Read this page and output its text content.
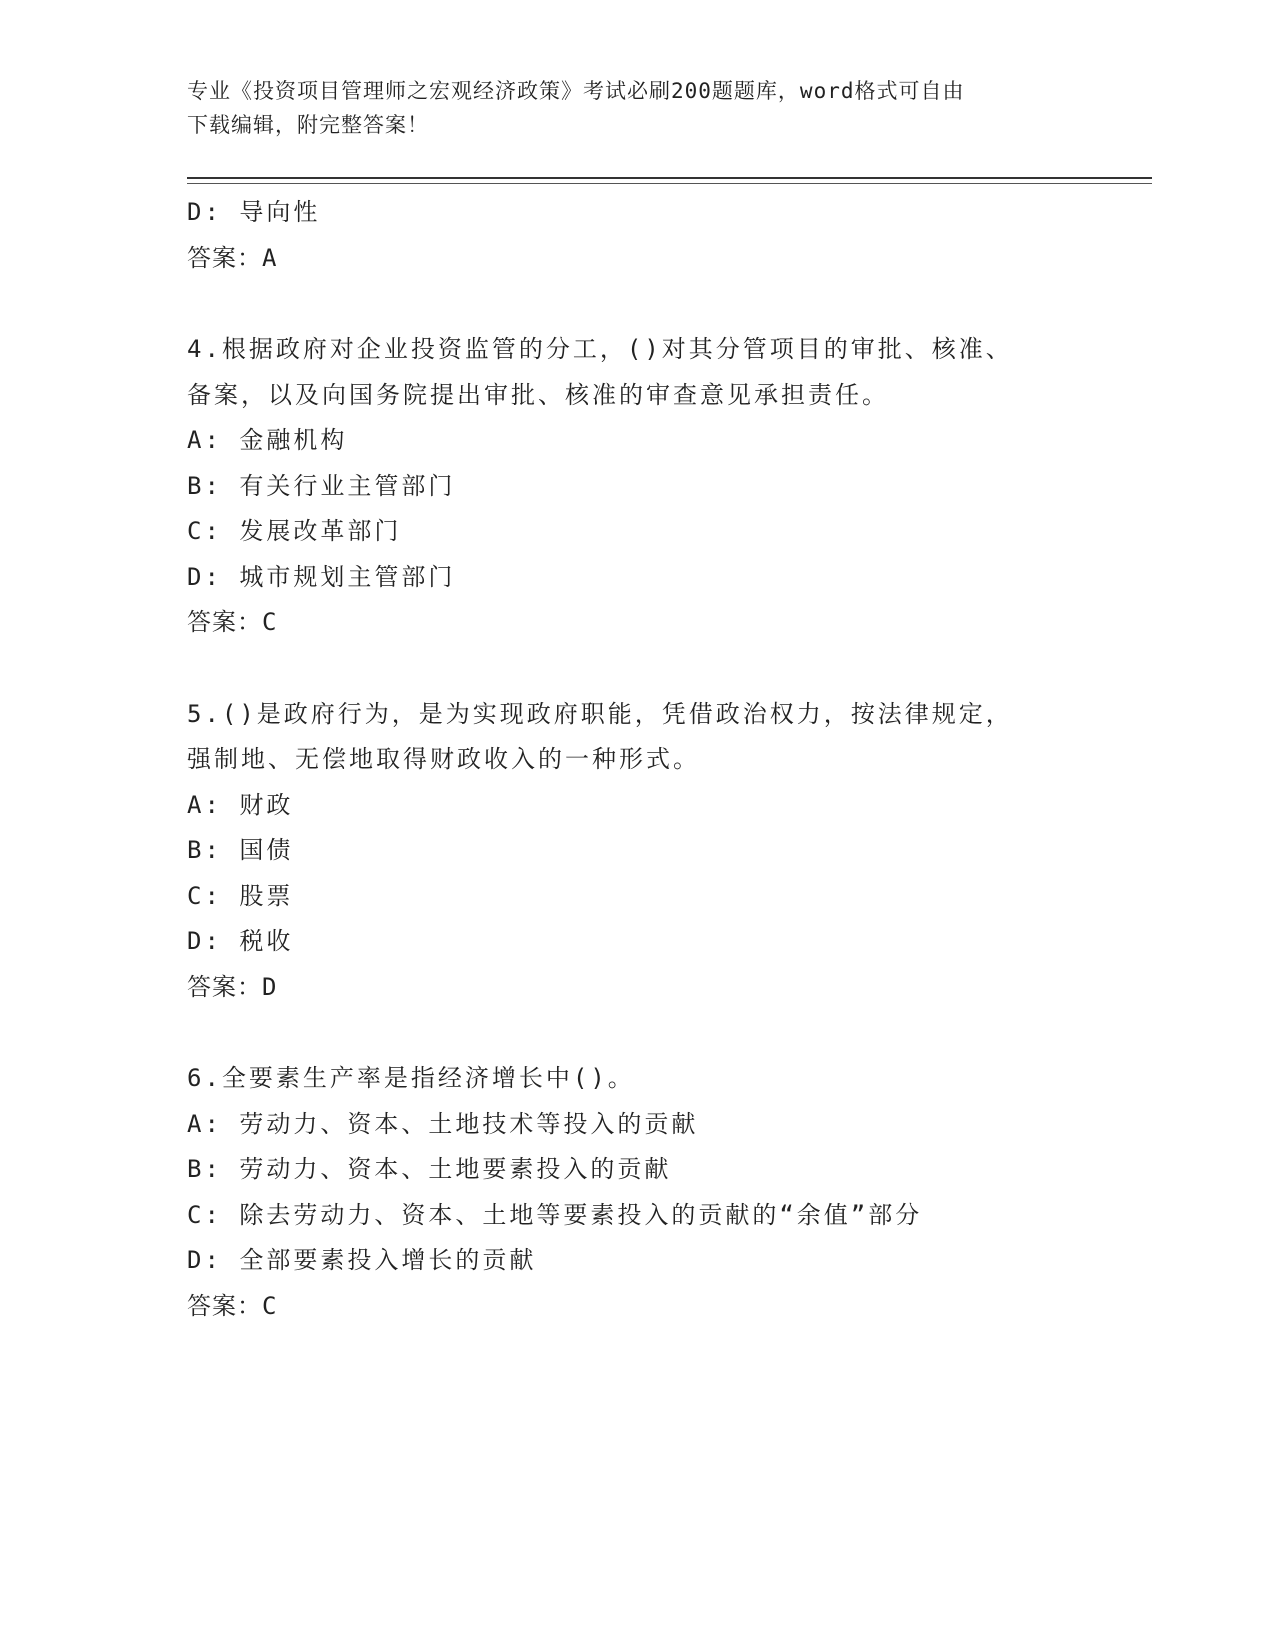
专业《投资项目管理师之宏观经济政策》考试必刷200题题库，word格式可自由
下载编辑，附完整答案！
D: 导向性
答案：A
4.根据政府对企业投资监管的分工，()对其分管项目的审批、核准、
备案，以及向国务院提出审批、核准的审查意见承担责任。
A: 金融机构
B: 有关行业主管部门
C: 发展改革部门
D: 城市规划主管部门
答案：C
5.()是政府行为，是为实现政府职能，凭借政治权力，按法律规定，
强制地、无偿地取得财政收入的一种形式。
A: 财政
B: 国债
C: 股票
D: 税收
答案：D
6.全要素生产率是指经济增长中()。
A: 劳动力、资本、土地技术等投入的贡献
B: 劳动力、资本、土地要素投入的贡献
C: 除去劳动力、资本、土地等要素投入的贡献的“余值”部分
D: 全部要素投入增长的贡献
答案：C
